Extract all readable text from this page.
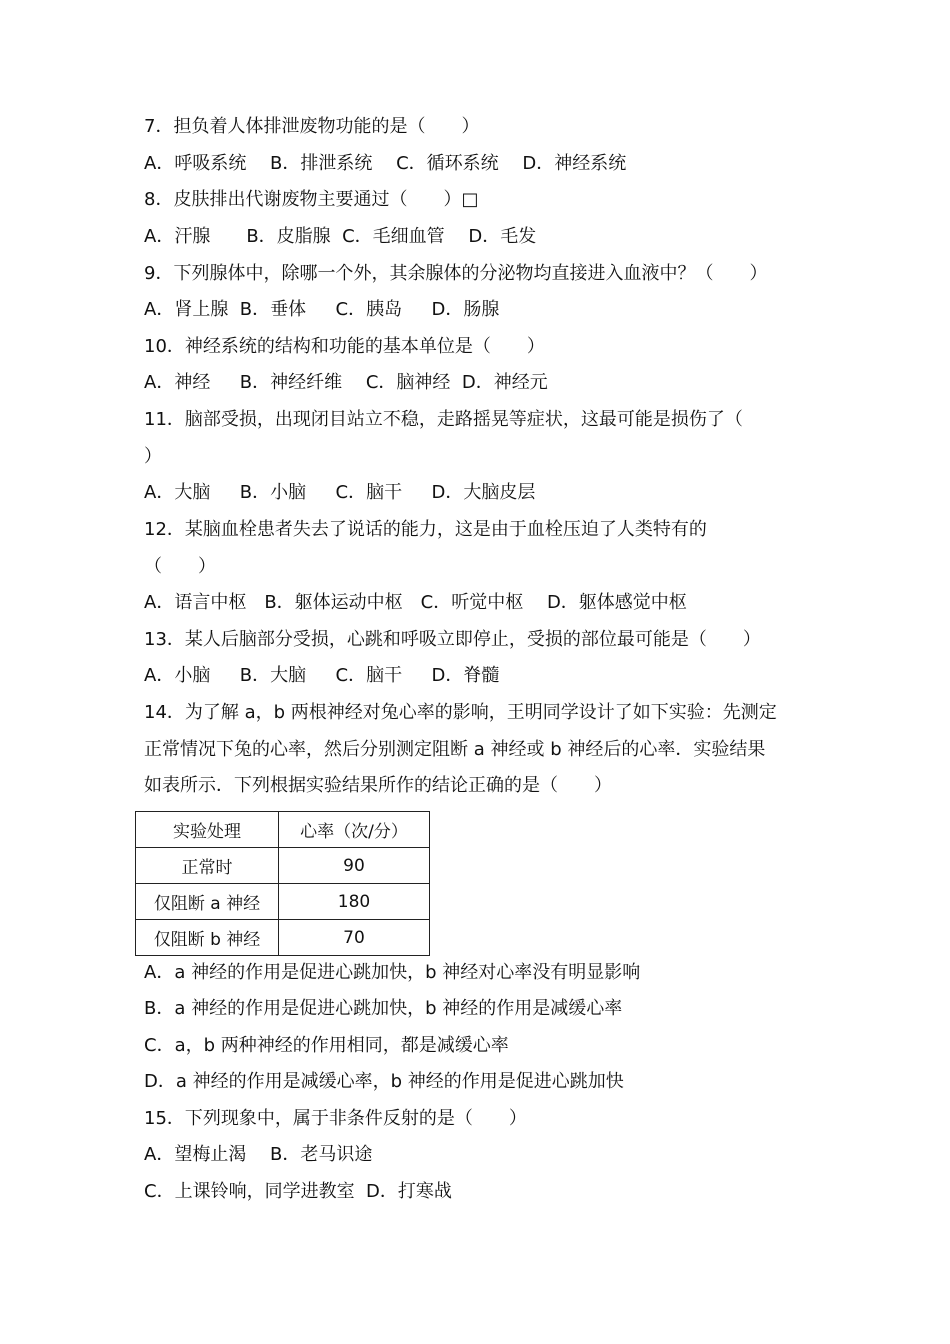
7．担负着人体排泄废物功能的是（　　）
A．呼吸系统　 B．排泄系统　 C．循环系统　 D．神经系统
8．皮肤排出代谢废物主要通过（　　）□
A．汗腺　　B．皮脂腺  C．毛细血管　 D．毛发
9．下列腺体中，除哪一个外，其余腺体的分泌物均直接进入血液中？（　　）
A．肾上腺  B．垂体　  C．胰岛　  D．肠腺
10．神经系统的结构和功能的基本单位是（　　）
A．神经　  B．神经纤维　 C．脑神经  D．神经元
11．脑部受损，出现闭目站立不稳，走路摇晃等症状，这最可能是损伤了（
）
A．大脑　  B．小脑　  C．脑干　  D．大脑皮层
12．某脑血栓患者失去了说话的能力，这是由于血栓压迫了人类特有的
（　　）
A．语言中枢　B．躯体运动中枢　C．听觉中枢　 D．躯体感觉中枢
13．某人后脑部分受损，心跳和呼吸立即停止，受损的部位最可能是（　　）
A．小脑　  B．大脑　  C．脑干　  D．脊髓
14．为了解 a，b 两根神经对兔心率的影响，王明同学设计了如下实验：先测定
正常情况下兔的心率，然后分别测定阻断 a 神经或 b 神经后的心率．实验结果
如表所示．下列根据实验结果所作的结论正确的是（　　）
实验处理	心率（次/分）
正常时	90
仅阻断 a 神经	180
仅阻断 b 神经	70
A．a 神经的作用是促进心跳加快，b 神经对心率没有明显影响
B．a 神经的作用是促进心跳加快，b 神经的作用是减缓心率
C．a，b 两种神经的作用相同，都是减缓心率
D．a 神经的作用是减缓心率，b 神经的作用是促进心跳加快
15．下列现象中，属于非条件反射的是（　　）
A．望梅止渴　 B．老马识途
C．上课铃响，同学进教室  D．打寒战
